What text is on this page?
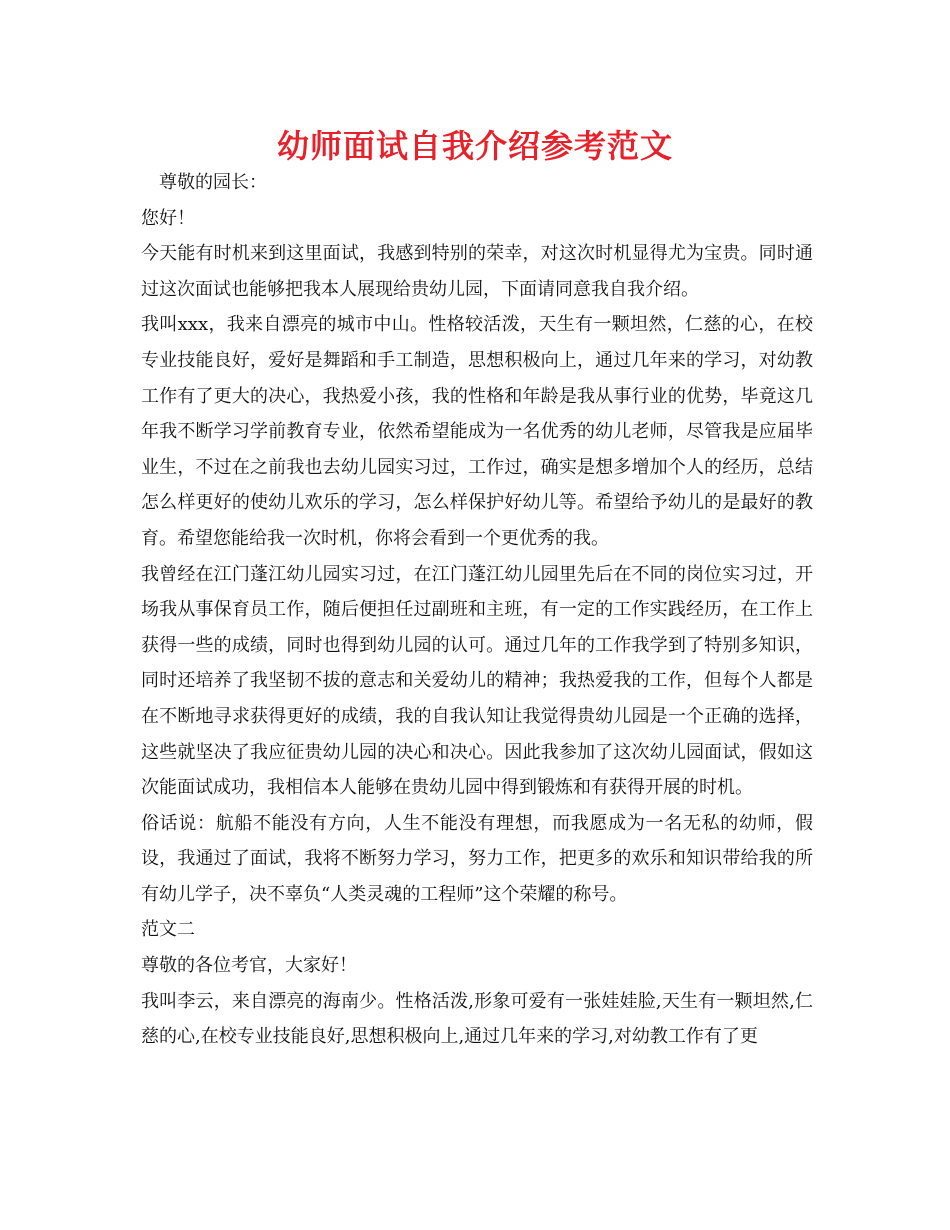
幼师面试自我介绍参考范文

尊敬的园长：

您好！

今天能有时机来到这里面试，我感到特别的荣幸，对这次时机显得尤为宝贵。同时通过这次面试也能够把我本人展现给贵幼儿园，下面请同意我自我介绍。

我叫xxx，我来自漂亮的城市中山。性格较活泼，天生有一颗坦然，仁慈的心，在校专业技能良好，爱好是舞蹈和手工制造，思想积极向上，通过几年来的学习，对幼教工作有了更大的决心，我热爱小孩，我的性格和年龄是我从事行业的优势，毕竟这几年我不断学习学前教育专业，依然希望能成为一名优秀的幼儿老师，尽管我是应届毕业生，不过在之前我也去幼儿园实习过，工作过，确实是想多增加个人的经历，总结怎么样更好的使幼儿欢乐的学习，怎么样保护好幼儿等。希望给予幼儿的是最好的教育。希望您能给我一次时机，你将会看到一个更优秀的我。

我曾经在江门蓬江幼儿园实习过，在江门蓬江幼儿园里先后在不同的岗位实习过，开场我从事保育员工作，随后便担任过副班和主班，有一定的工作实践经历，在工作上获得一些的成绩，同时也得到幼儿园的认可。通过几年的工作我学到了特别多知识，同时还培养了我坚韧不拔的意志和关爱幼儿的精神；我热爱我的工作，但每个人都是在不断地寻求获得更好的成绩，我的自我认知让我觉得贵幼儿园是一个正确的选择，这些就坚决了我应征贵幼儿园的决心和决心。因此我参加了这次幼儿园面试，假如这次能面试成功，我相信本人能够在贵幼儿园中得到锻炼和有获得开展的时机。

俗话说：航船不能没有方向，人生不能没有理想，而我愿成为一名无私的幼师，假设，我通过了面试，我将不断努力学习，努力工作，把更多的欢乐和知识带给我的所有幼儿学子，决不辜负“人类灵魂的工程师”这个荣耀的称号。

范文二

尊敬的各位考官，大家好！

我叫李云，来自漂亮的海南少。性格活泼,形象可爱有一张娃娃脸,天生有一颗坦然,仁慈的心,在校专业技能良好,思想积极向上,通过几年来的学习,对幼教工作有了更
